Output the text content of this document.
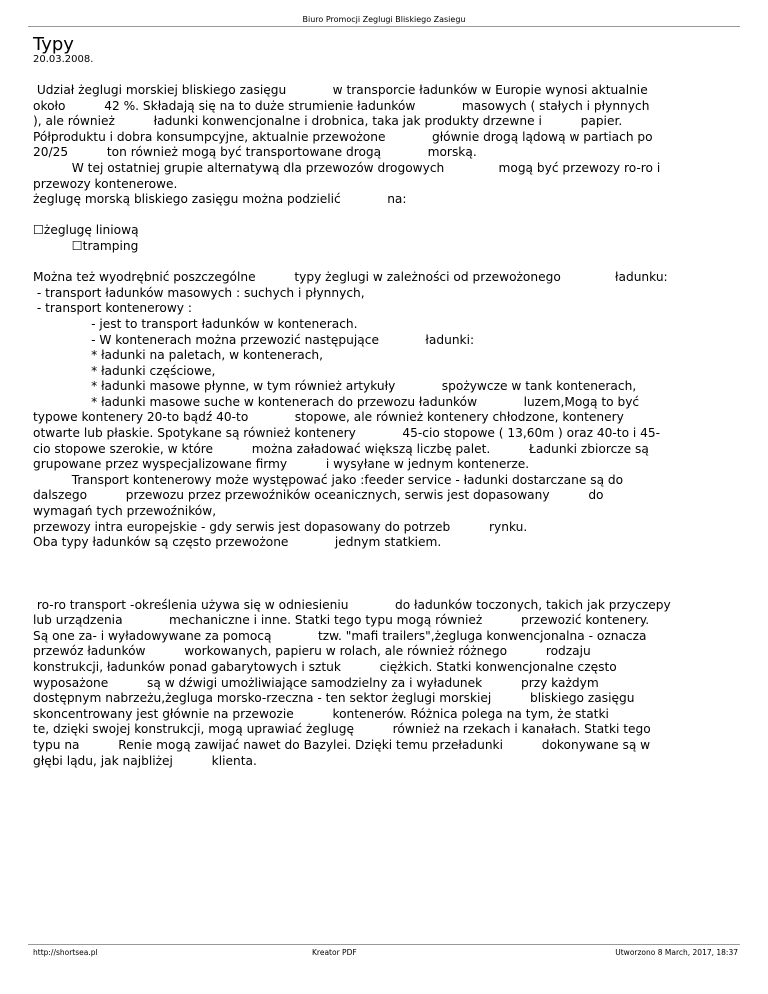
Biuro Promocji Zeglugi Bliskiego Zasiegu
Typy
20.03.2008.
Udział żeglugi morskiej bliskiego zasięgu            w transporcie ładunków w Europie wynosi aktualnie
około          42 %. Składają się na to duże strumienie ładunków            masowych ( stałych i płynnych
), ale również          ładunki konwencjonalne i drobnica, taka jak produkty drzewne i          papier.
Półproduktu i dobra konsumpcyjne, aktualnie przewożone            głównie drogą lądową w partiach po
20/25          ton również mogą być transportowane drogą            morską.
W tej ostatniej grupie alternatywą dla przewozów drogowych              mogą być przewozy ro-ro i
przewozy kontenerowe.
żeglugę morską bliskiego zasięgu można podzielić            na:
☐żeglugę liniową
☐tramping
Można też wyodrębnić poszczególne          typy żeglugi w zależności od przewożonego              ładunku:
- transport ładunków masowych : suchych i płynnych,
- transport kontenerowy :
- jest to transport ładunków w kontenerach.
- W kontenerach można przewozić następujące            ładunki:
* ładunki na paletach, w kontenerach,
* ładunki częściowe,
* ładunki masowe płynne, w tym również artykuły            spożywcze w tank kontenerach,
* ładunki masowe suche w kontenerach do przewozu ładunków            luzem,Mogą to być
typowe kontenery 20-to bądź 40-to            stopowe, ale również kontenery chłodzone, kontenery
otwarte lub płaskie. Spotykane są również kontenery            45-cio stopowe ( 13,60m ) oraz 40-to i 45-
cio stopowe szerokie, w które          można załadować większą liczbę palet.          Ładunki zbiorcze są
grupowane przez wyspecjalizowane firmy          i wysyłane w jednym kontenerze.
Transport kontenerowy może występować jako :feeder service - ładunki dostarczane są do
dalszego          przewozu przez przewoźników oceanicznych, serwis jest dopasowany          do
wymagań tych przewoźników,
przewozy intra europejskie - gdy serwis jest dopasowany do potrzeb          rynku.
Oba typy ładunków są często przewożone            jednym statkiem.
ro-ro transport -określenia używa się w odniesieniu            do ładunków toczonych, takich jak przyczepy
lub urządzenia            mechaniczne i inne. Statki tego typu mogą również          przewozić kontenery.
Są one za- i wyładowywane za pomocą            tzw. "mafi trailers",żegluga konwencjonalna - oznacza
przewóz ładunków          workowanych, papieru w rolach, ale również różnego          rodzaju
konstrukcji, ładunków ponad gabarytowych i sztuk          ciężkich. Statki konwencjonalne często
wyposażone          są w dźwigi umożliwiające samodzielny za i wyładunek          przy każdym
dostępnym nabrzeżu,żegluga morsko-rzeczna - ten sektor żeglugi morskiej          bliskiego zasięgu
skoncentrowany jest głównie na przewozie          kontenerów. Różnica polega na tym, że statki
te, dzięki swojej konstrukcji, mogą uprawiać żeglugę          również na rzekach i kanałach. Statki tego
typu na          Renie mogą zawijać nawet do Bazylei. Dzięki temu przeładunki          dokonywane są w
głębi lądu, jak najbliżej          klienta.
http://shortsea.pl	Kreator PDF	Utworzono 8 March, 2017, 18:37
